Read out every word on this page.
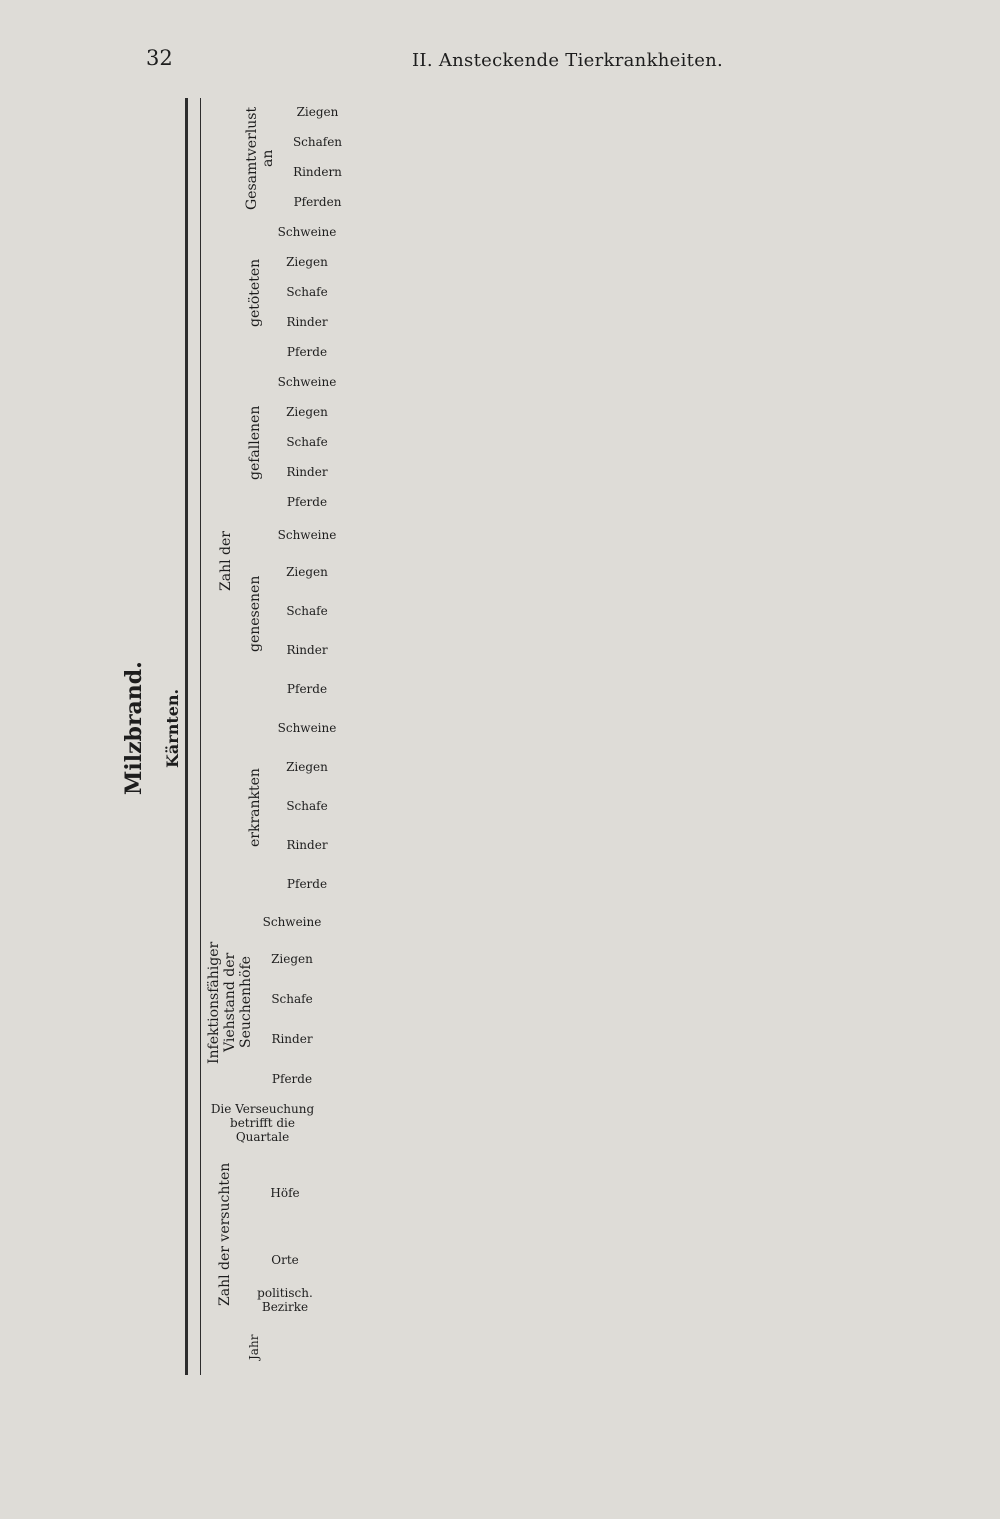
32	II. Ansteckende Tierkrankheiten.
Milzbrand.	Kärnten.
Jahr
Zahl der versuchten	politisch. Bezirke
Orte
Höfe
Die Verseuchung betrifft die Quartale
Infektionsfähiger Viehstand der Seuchenhöfe
Pferde
Rinder
Schafe
Ziegen
Schweine
Zahl der
erkrankten
Pferde
Rinder
Schafe
Ziegen
Schweine
genesenen
Pferde
Rinder
Schafe
Ziegen
Schweine
gefallenen
Pferde
Rinder
Schafe
Ziegen
Schweine
getöteten
Pferde
Rinder
Schafe
Ziegen
Schweine
Gesamtverlust an
Pferden
Rindern
Schafen
Ziegen
